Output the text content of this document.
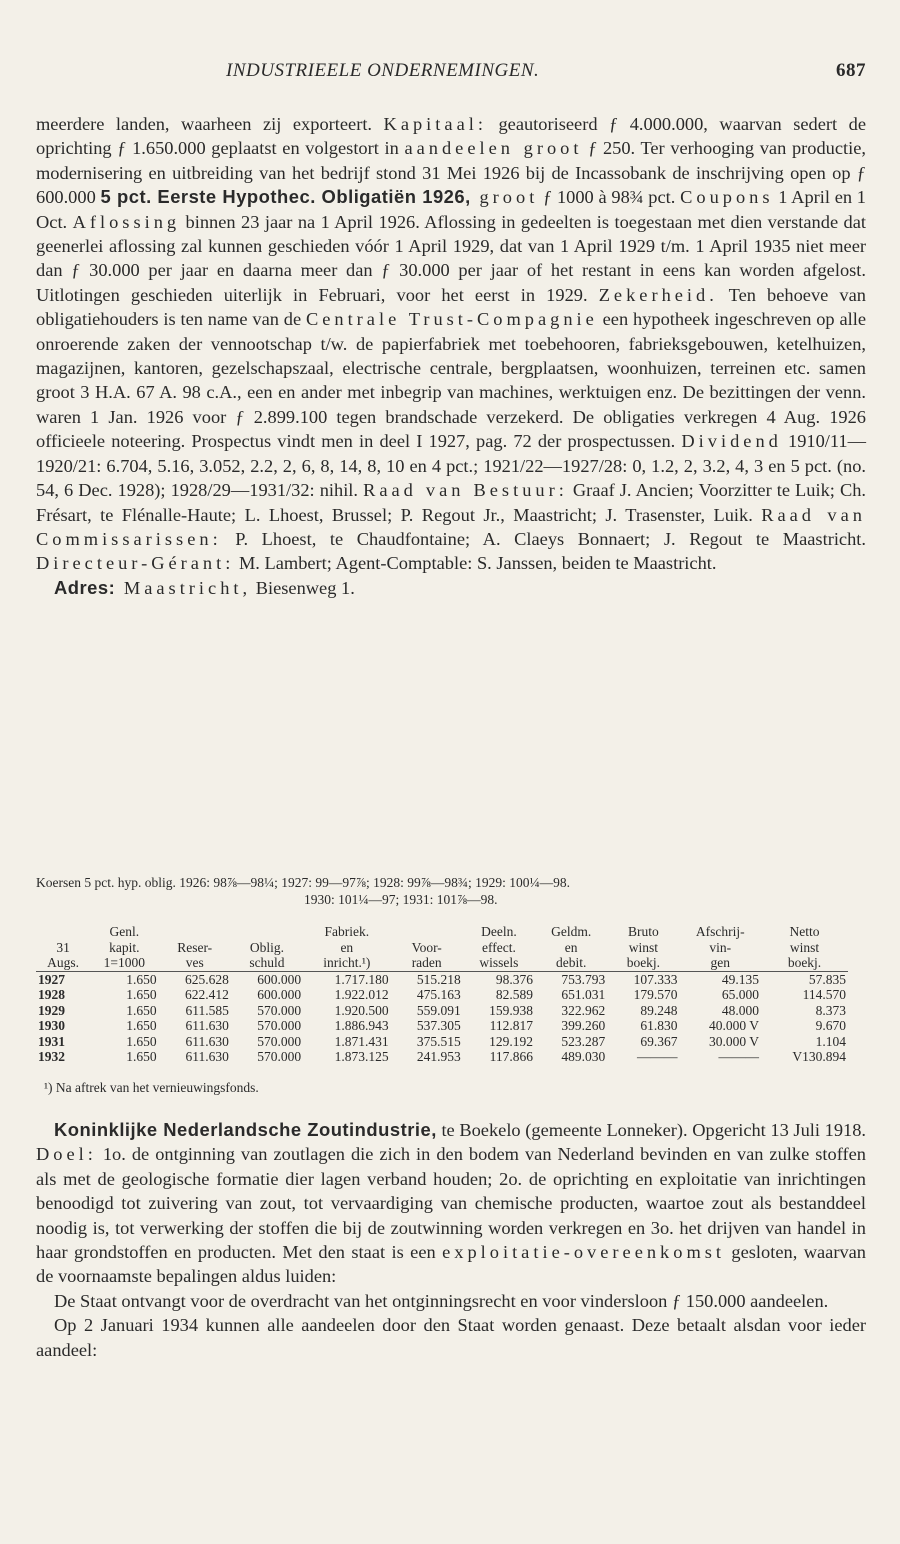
INDUSTRIEELE ONDERNEMINGEN.	687

meerdere landen, waarheen zij exporteert. Kapitaal: geautoriseerd ƒ 4.000.000, waarvan sedert de oprichting ƒ 1.650.000 geplaatst en volgestort in aandeelen groot ƒ 250. Ter verhooging van productie, modernisering en uitbreiding van het bedrijf stond 31 Mei 1926 bij de Incassobank de inschrijving open op ƒ 600.000 5 pct. Eerste Hypothec. Obligatiën 1926, groot ƒ 1000 à 98¾ pct. Coupons 1 April en 1 Oct. Aflossing binnen 23 jaar na 1 April 1926. Aflossing in gedeelten is toegestaan met dien verstande dat geenerlei aflossing zal kunnen geschieden vóór 1 April 1929, dat van 1 April 1929 t/m. 1 April 1935 niet meer dan ƒ 30.000 per jaar en daarna meer dan ƒ 30.000 per jaar of het restant in eens kan worden afgelost. Uitlotingen geschieden uiterlijk in Februari, voor het eerst in 1929. Zekerheid. Ten behoeve van obligatiehouders is ten name van de Centrale Trust-Compagnie een hypotheek ingeschreven op alle onroerende zaken der vennootschap t/w. de papierfabriek met toebehooren, fabrieksgebouwen, ketelhuizen, magazijnen, kantoren, gezelschapszaal, electrische centrale, bergplaatsen, woonhuizen, terreinen etc. samen groot 3 H.A. 67 A. 98 c.A., een en ander met inbegrip van machines, werktuigen enz. De bezittingen der venn. waren 1 Jan. 1926 voor ƒ 2.899.100 tegen brandschade verzekerd. De obligaties verkregen 4 Aug. 1926 officieele noteering. Prospectus vindt men in deel I 1927, pag. 72 der prospectussen. Dividend 1910/11—1920/21: 6.704, 5.16, 3.052, 2.2, 2, 6, 8, 14, 8, 10 en 4 pct.; 1921/22—1927/28: 0, 1.2, 2, 3.2, 4, 3 en 5 pct. (no. 54, 6 Dec. 1928); 1928/29—1931/32: nihil. Raad van Bestuur: Graaf J. Ancien; Voorzitter te Luik; Ch. Frésart, te Flénalle-Haute; L. Lhoest, Brussel; P. Regout Jr., Maastricht; J. Trasenster, Luik. Raad van Commissarissen: P. Lhoest, te Chaudfontaine; A. Claeys Bonnaert; J. Regout te Maastricht. Directeur-Gérant: M. Lambert; Agent-Comptable: S. Janssen, beiden te Maastricht.

Adres: Maastricht, Biesenweg 1.

Koersen 5 pct. hyp. oblig. 1926: 98⅞—98¼; 1927: 99—97⅞; 1928: 99⅞—98¾; 1929: 100¼—98.
1930: 101¼—97; 1931: 101⅞—98.
	Genl.			Fabriek.		Deeln.	Geldm.	Bruto	Afschrij-	Netto
31	kapit.	Reser-	Oblig.	en	Voor-	effect.	en	winst	vin-	winst
Augs.	1=1000	ves	schuld	inricht.¹)	raden	wissels	debit.	boekj.	gen	boekj.
1927	1.650	625.628	600.000	1.717.180	515.218	98.376	753.793	107.333	49.135	57.835
1928	1.650	622.412	600.000	1.922.012	475.163	82.589	651.031	179.570	65.000	114.570
1929	1.650	611.585	570.000	1.920.500	559.091	159.938	322.962	89.248	48.000	8.373
1930	1.650	611.630	570.000	1.886.943	537.305	112.817	399.260	61.830	40.000 V	9.670
1931	1.650	611.630	570.000	1.871.431	375.515	129.192	523.287	69.367	30.000 V	1.104
1932	1.650	611.630	570.000	1.873.125	241.953	117.866	489.030	———	———	V130.894
¹) Na aftrek van het vernieuwingsfonds.

Koninklijke Nederlandsche Zoutindustrie, te Boekelo (gemeente Lonneker). Opgericht 13 Juli 1918. Doel: 1o. de ontginning van zoutlagen die zich in den bodem van Nederland bevinden en van zulke stoffen als met de geologische formatie dier lagen verband houden; 2o. de oprichting en exploitatie van inrichtingen benoodigd tot zuivering van zout, tot vervaardiging van chemische producten, waartoe zout als bestanddeel noodig is, tot verwerking der stoffen die bij de zoutwinning worden verkregen en 3o. het drijven van handel in haar grondstoffen en producten. Met den staat is een exploitatie-overeenkomst gesloten, waarvan de voornaamste bepalingen aldus luiden:

De Staat ontvangt voor de overdracht van het ontginningsrecht en voor vindersloon ƒ 150.000 aandeelen.

Op 2 Januari 1934 kunnen alle aandeelen door den Staat worden genaast. Deze betaalt alsdan voor ieder aandeel:
